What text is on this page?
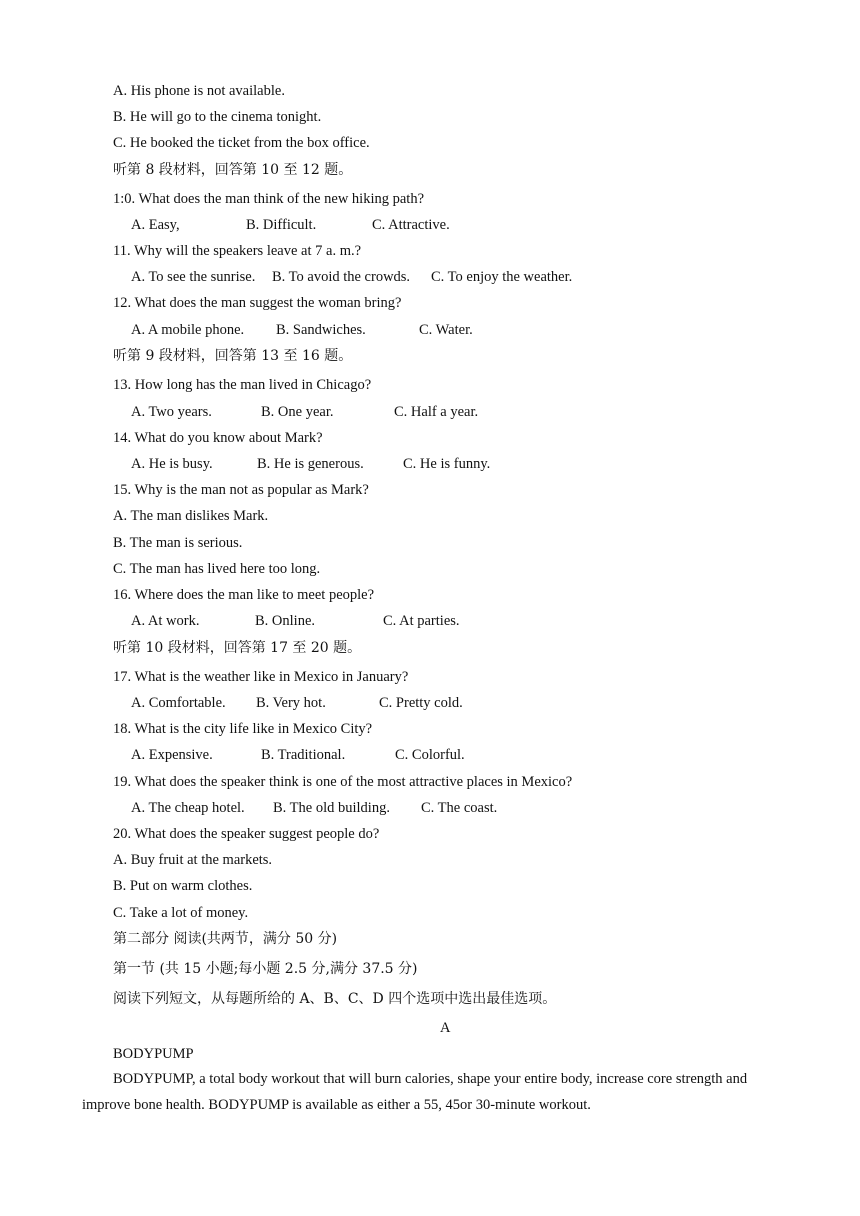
A. His phone is not available.
B. He will go to the cinema tonight.
C. He booked the ticket from the box office.
听第 8 段材料，回答第 10 至 12 题。
1:0. What does the man think of the new hiking path?
A. Easy,	B. Difficult.	C. Attractive.
11. Why will the speakers leave at 7 a. m.?
A. To see the sunrise. B. To avoid the crowds. C. To enjoy the weather.
12. What does the man suggest the woman bring?
A. A mobile phone. B. Sandwiches.	C. Water.
听第 9 段材料，回答第 13 至 16 题。
13. How long has the man lived in Chicago?
A. Two years.	B. One year.	C. Half a year.
14. What do you know about Mark?
A. He is busy.	B. He is generous.	C. He is funny.
15. Why is the man not as popular as Mark?
A. The man dislikes Mark.
B. The man is serious.
C. The man has lived here too long.
16. Where does the man like to meet people?
A. At work.	B. Online.	C. At parties.
听第 10 段材料，回答第 17 至 20 题。
17. What is the weather like in Mexico in January?
A. Comfortable. B. Very hot.	C. Pretty cold.
18. What is the city life like in Mexico City?
A. Expensive.	B. Traditional.	C. Colorful.
19. What does the speaker think is one of the most attractive places in Mexico?
A. The cheap hotel. B. The old building. C. The coast.
20. What does the speaker suggest people do?
A. Buy fruit at the markets.
B. Put on warm clothes.
C. Take a lot of money.
第二部分 阅读(共两节，满分 50 分)
第一节 (共 15 小题;每小题 2.5 分,满分 37.5 分)
阅读下列短文，从每题所给的 A、B、C、D 四个选项中选出最佳选项。
A
BODYPUMP
BODYPUMP, a total body workout that will burn calories, shape your entire body, increase core strength and improve bone health. BODYPUMP is available as either a 55, 45or 30-minute workout.
